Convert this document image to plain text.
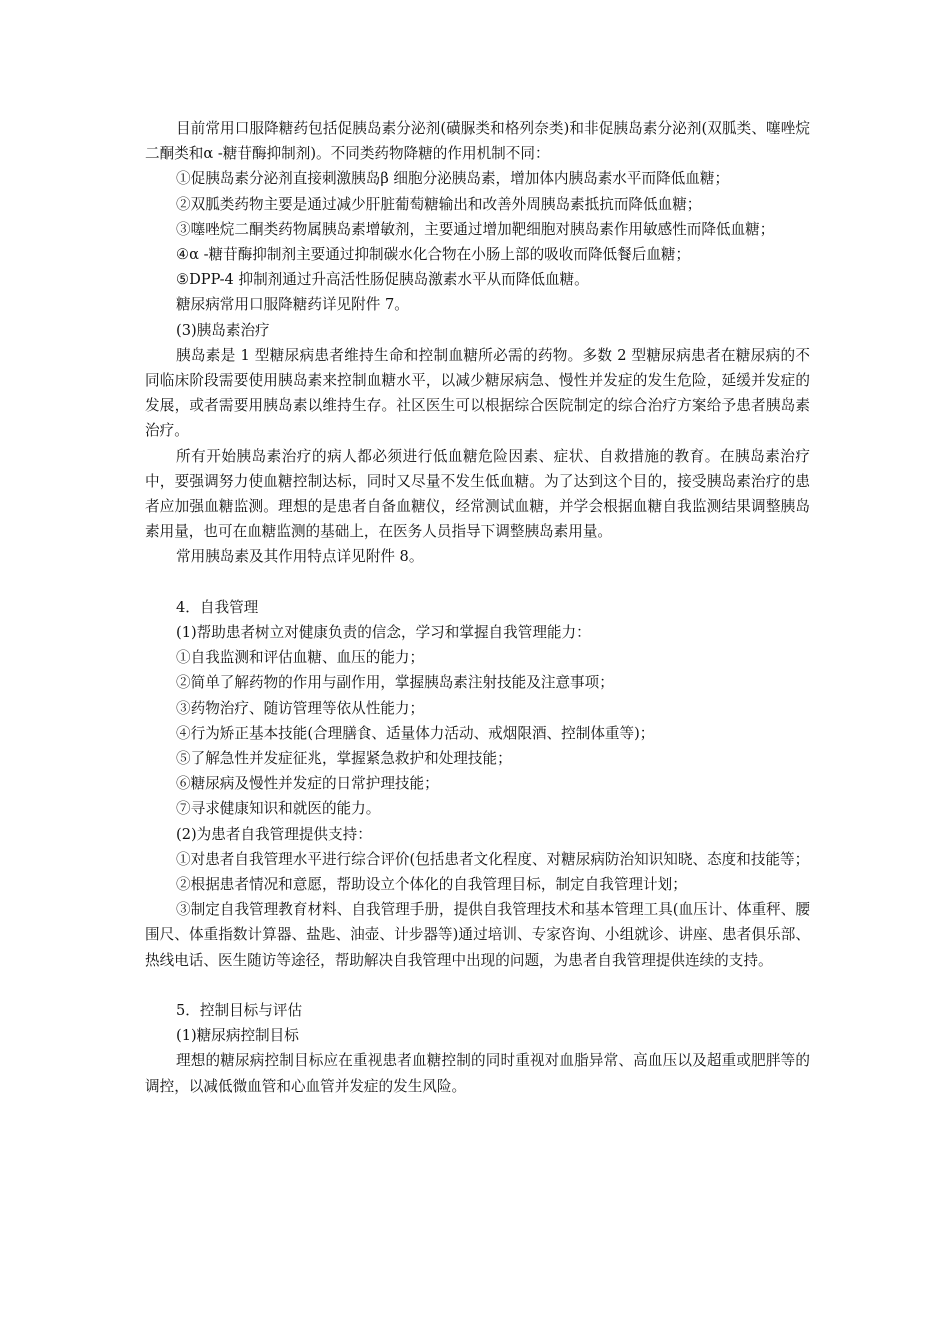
目前常用口服降糖药包括促胰岛素分泌剂(磺脲类和格列奈类)和非促胰岛素分泌剂(双胍类、噻唑烷二酮类和α -糖苷酶抑制剂)。不同类药物降糖的作用机制不同：

①促胰岛素分泌剂直接刺激胰岛β 细胞分泌胰岛素，增加体内胰岛素水平而降低血糖；

②双胍类药物主要是通过减少肝脏葡萄糖输出和改善外周胰岛素抵抗而降低血糖；

③噻唑烷二酮类药物属胰岛素增敏剂，主要通过增加靶细胞对胰岛素作用敏感性而降低血糖；

④α -糖苷酶抑制剂主要通过抑制碳水化合物在小肠上部的吸收而降低餐后血糖；

⑤DPP-4 抑制剂通过升高活性肠促胰岛激素水平从而降低血糖。

糖尿病常用口服降糖药详见附件 7。

(3)胰岛素治疗

胰岛素是 1 型糖尿病患者维持生命和控制血糖所必需的药物。多数 2 型糖尿病患者在糖尿病的不同临床阶段需要使用胰岛素来控制血糖水平，以减少糖尿病急、慢性并发症的发生危险，延缓并发症的发展，或者需要用胰岛素以维持生存。社区医生可以根据综合医院制定的综合治疗方案给予患者胰岛素治疗。

所有开始胰岛素治疗的病人都必须进行低血糖危险因素、症状、自救措施的教育。在胰岛素治疗中，要强调努力使血糖控制达标，同时又尽量不发生低血糖。为了达到这个目的，接受胰岛素治疗的患者应加强血糖监测。理想的是患者自备血糖仪，经常测试血糖，并学会根据血糖自我监测结果调整胰岛素用量，也可在血糖监测的基础上，在医务人员指导下调整胰岛素用量。

常用胰岛素及其作用特点详见附件 8。

4．自我管理

(1)帮助患者树立对健康负责的信念，学习和掌握自我管理能力：

①自我监测和评估血糖、血压的能力；

②简单了解药物的作用与副作用，掌握胰岛素注射技能及注意事项；

③药物治疗、随访管理等依从性能力；

④行为矫正基本技能(合理膳食、适量体力活动、戒烟限酒、控制体重等)；

⑤了解急性并发症征兆，掌握紧急救护和处理技能；

⑥糖尿病及慢性并发症的日常护理技能；

⑦寻求健康知识和就医的能力。

(2)为患者自我管理提供支持：

①对患者自我管理水平进行综合评价(包括患者文化程度、对糖尿病防治知识知晓、态度和技能等；

②根据患者情况和意愿，帮助设立个体化的自我管理目标，制定自我管理计划；

③制定自我管理教育材料、自我管理手册，提供自我管理技术和基本管理工具(血压计、体重秤、腰围尺、体重指数计算器、盐匙、油壶、计步器等)通过培训、专家咨询、小组就诊、讲座、患者俱乐部、热线电话、医生随访等途径，帮助解决自我管理中出现的问题，为患者自我管理提供连续的支持。

5．控制目标与评估

(1)糖尿病控制目标

理想的糖尿病控制目标应在重视患者血糖控制的同时重视对血脂异常、高血压以及超重或肥胖等的调控，以减低微血管和心血管并发症的发生风险。
